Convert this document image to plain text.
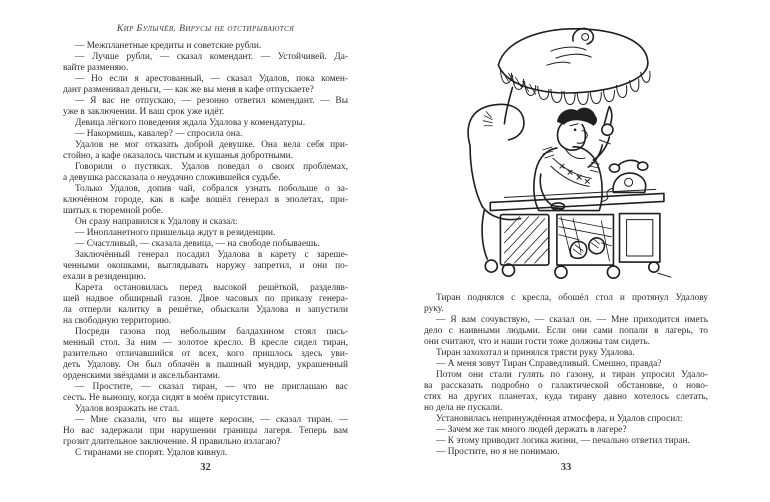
Кир Булычёв. Вирусы не отстирываются
— Межпланетные кредиты и советские рубли.
— Лучше рубли, — сказал комендант. — Устойчивей. Да-
вайте разменяю.
— Но если я арестованный, — сказал Удалов, пока комен-
дант разменивал деньги, — как же вы меня в кафе отпускаете?
— Я вас не отпускаю, — резонно ответил комендант. — Вы
уже в заключении. И ваш срок уже идёт.
Девица лёгкого поведения ждала Удалова у комендатуры.
— Накормишь, кавалер? — спросила она.
Удалов не мог отказать доброй девушке. Она вела себя при-
стойно, а кафе оказалось чистым и кушанья добротными.
Говорили о пустяках. Удалов поведал о своих проблемах,
а девушка рассказала о неудачно сложившейся судьбе.
Только Удалов, допив чай, собрался узнать побольше о за-
ключённом городе, как в кафе вошёл генерал в эполетах, при-
шитых к тюремной робе.
Он сразу направился к Удалову и сказал:
— Инопланетного пришельца ждут в резиденции.
— Счастливый, — сказала девица, — на свободе побываешь.
Заключённый генерал посадил Удалова в карету с зареше-
ченными окошками, выглядывать наружу запретил, и они по-
ехали в резиденцию.
Карета остановилась перед высокой решёткой, разделяв-
шей надвое обширный газон. Двое часовых по приказу генера-
ла отперли калитку в решётке, обыскали Удалова и запустили
на свободную территорию.
Посреди газона под небольшим балдахином стоял пись-
менный стол. За ним — золотое кресло. В кресле сидел тиран,
разительно отличавшийся от всех, кого пришлось здесь уви-
деть Удалову. Он был облачён в пышный мундир, украшенный
орденскими звёздами и аксельбантами.
— Простите, — сказал тиран, — что не приглашаю вас
сесть. Не выношу, когда сидят в моём присутствии.
Удалов возражать не стал.
— Мне сказали, что вы ищете керосин, — сказал тиран. —
Но вас задержали при нарушении границы лагеря. Теперь вам
грозит длительное заключение. Я правильно излагаю?
С тиранами не спорят. Удалов кивнул.
32
Тиран поднялся с кресла, обошёл стол и протянул Удалову
руку.
— Я вам сочувствую, — сказал он. — Мне приходится иметь
дело с наивными людьми. Если они сами попали в лагерь, то
они считают, что и наши гости тоже должны там сидеть.
Тиран захохотал и принялся трясти руку Удалова.
— А меня зовут Тиран Справедливый. Смешно, правда?
Потом они стали гулять по газону, и тиран упросил Удало-
ва рассказать подробно о галактической обстановке, о ново-
стях на других планетах, куда тирану давно хотелось слетать,
но дела не пускали.
Установилась непринуждённая атмосфера, и Удалов спросил:
— Зачем же так много людей держать в лагере?
— К этому приводит логика жизни, — печально ответил тиран.
— Простите, но я не понимаю.
33
